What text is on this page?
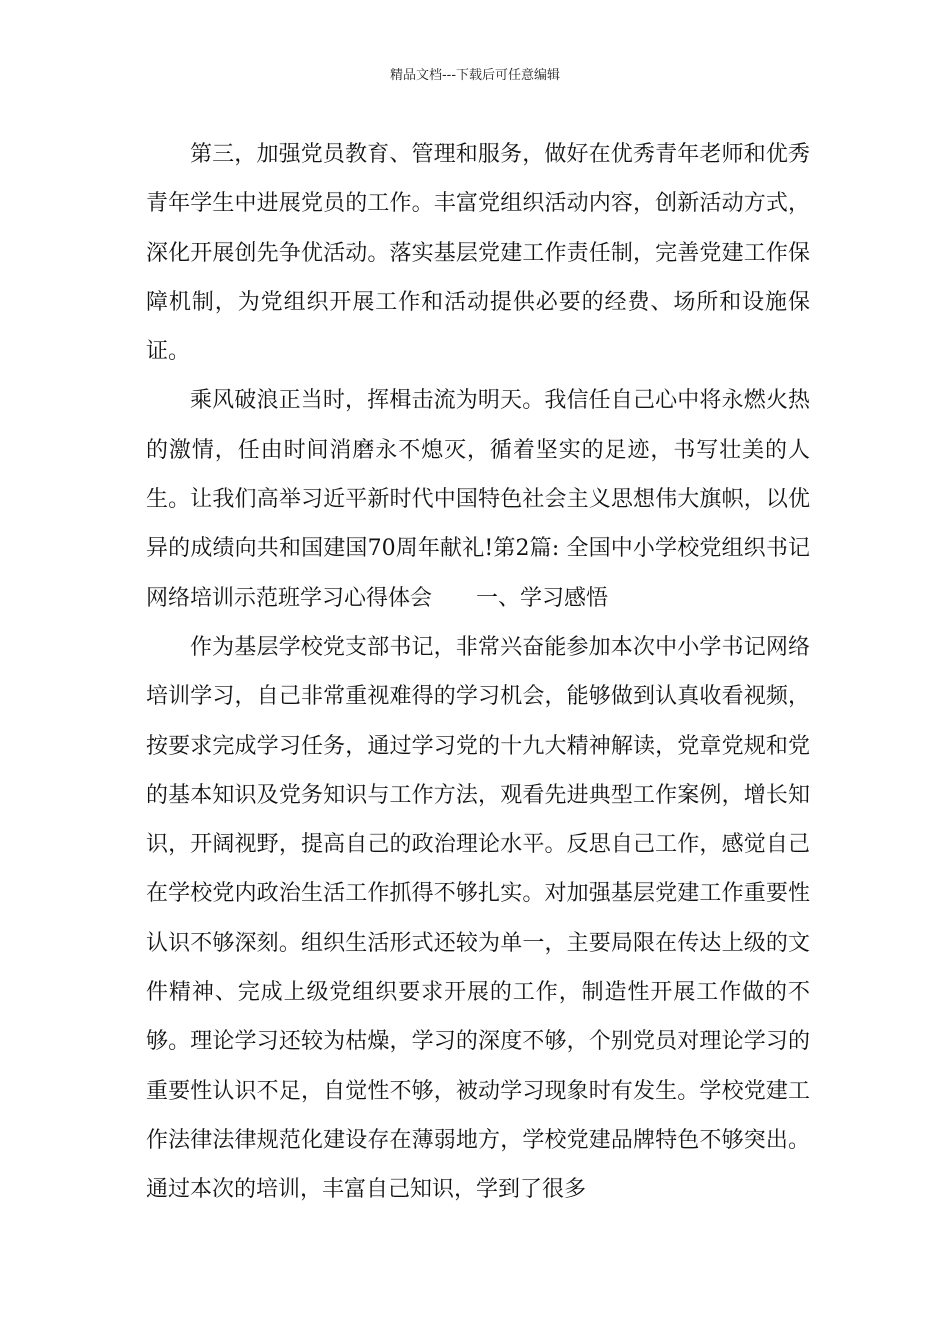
精品文档---下载后可任意编辑

第三，加强党员教育、管理和服务，做好在优秀青年老师和优秀青年学生中进展党员的工作。丰富党组织活动内容，创新活动方式，深化开展创先争优活动。落实基层党建工作责任制，完善党建工作保障机制，为党组织开展工作和活动提供必要的经费、场所和设施保证。

乘风破浪正当时，挥楫击流为明天。我信任自己心中将永燃火热的激情，任由时间消磨永不熄灭，循着坚实的足迹，书写壮美的人生。让我们高举习近平新时代中国特色社会主义思想伟大旗帜，以优异的成绩向共和国建国70周年献礼!第2篇: 全国中小学校党组织书记网络培训示范班学习心得体会　　一、学习感悟

作为基层学校党支部书记，非常兴奋能参加本次中小学书记网络培训学习，自己非常重视难得的学习机会，能够做到认真收看视频，按要求完成学习任务，通过学习党的十九大精神解读，党章党规和党的基本知识及党务知识与工作方法，观看先进典型工作案例，增长知识，开阔视野，提高自己的政治理论水平。反思自己工作，感觉自己在学校党内政治生活工作抓得不够扎实。对加强基层党建工作重要性认识不够深刻。组织生活形式还较为单一，主要局限在传达上级的文件精神、完成上级党组织要求开展的工作，制造性开展工作做的不够。理论学习还较为枯燥，学习的深度不够，个别党员对理论学习的重要性认识不足，自觉性不够，被动学习现象时有发生。学校党建工作法律法律规范化建设存在薄弱地方，学校党建品牌特色不够突出。通过本次的培训，丰富自己知识，学到了很多
